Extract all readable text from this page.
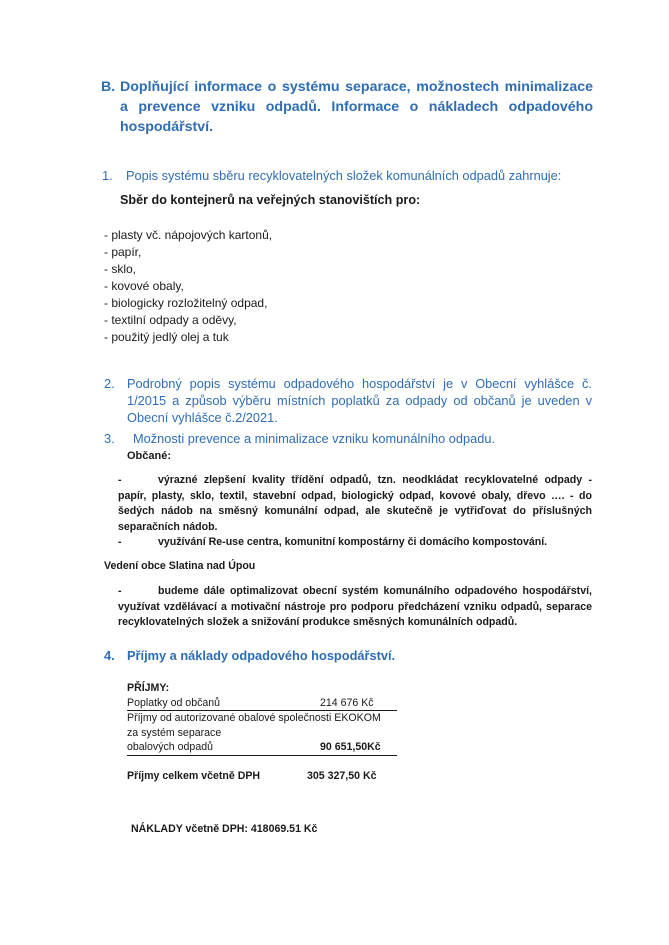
B. Doplňující informace o systému separace, možnostech minimalizace a prevence vzniku odpadů. Informace o nákladech odpadového hospodářství.
1. Popis systému sběru recyklovatelných složek komunálních odpadů zahrnuje:
Sběr do kontejnerů na veřejných stanovištích pro:
- plasty vč. nápojových kartonů,
- papír,
- sklo,
- kovové obaly,
- biologicky rozložitelný odpad,
- textilní odpady a oděvy,
- použitý jedlý olej a tuk
2. Podrobný popis systému odpadového hospodářství je v Obecní vyhlášce č. 1/2015 a způsob výběru místních poplatků za odpady od občanů je uveden v Obecní vyhlášce č.2/2021.
3. Možnosti prevence a minimalizace vzniku komunálního odpadu.
Občané:
-	výrazné zlepšení kvality třídění odpadů, tzn. neodkládat recyklovatelné odpady - papír, plasty, sklo, textil, stavební odpad, biologický odpad, kovové obaly, dřevo …. - do šedých nádob na směsný komunální odpad, ale skutečně je vytřiďovat do příslušných separačních nádob.
-	využívání Re-use centra, komunitní kompostárny či domácího kompostování.
Vedení obce Slatina nad Úpou
-	budeme dále optimalizovat obecní systém komunálního odpadového hospodářství, využívat vzdělávací a motivační nástroje pro podporu předcházení vzniku odpadů, separace recyklovatelných složek a snižování produkce směsných komunálních odpadů.
4. Příjmy a náklady odpadového hospodářství.
PŘÍJMY:
Poplatky od občanů	214 676 Kč
Příjmy od autorizované obalové společnosti EKOKOM
za systém separace
obalových odpadů	90 651,50Kč
Příjmy celkem včetně DPH	305 327,50 Kč
NÁKLADY včetně DPH: 418069.51 Kč
